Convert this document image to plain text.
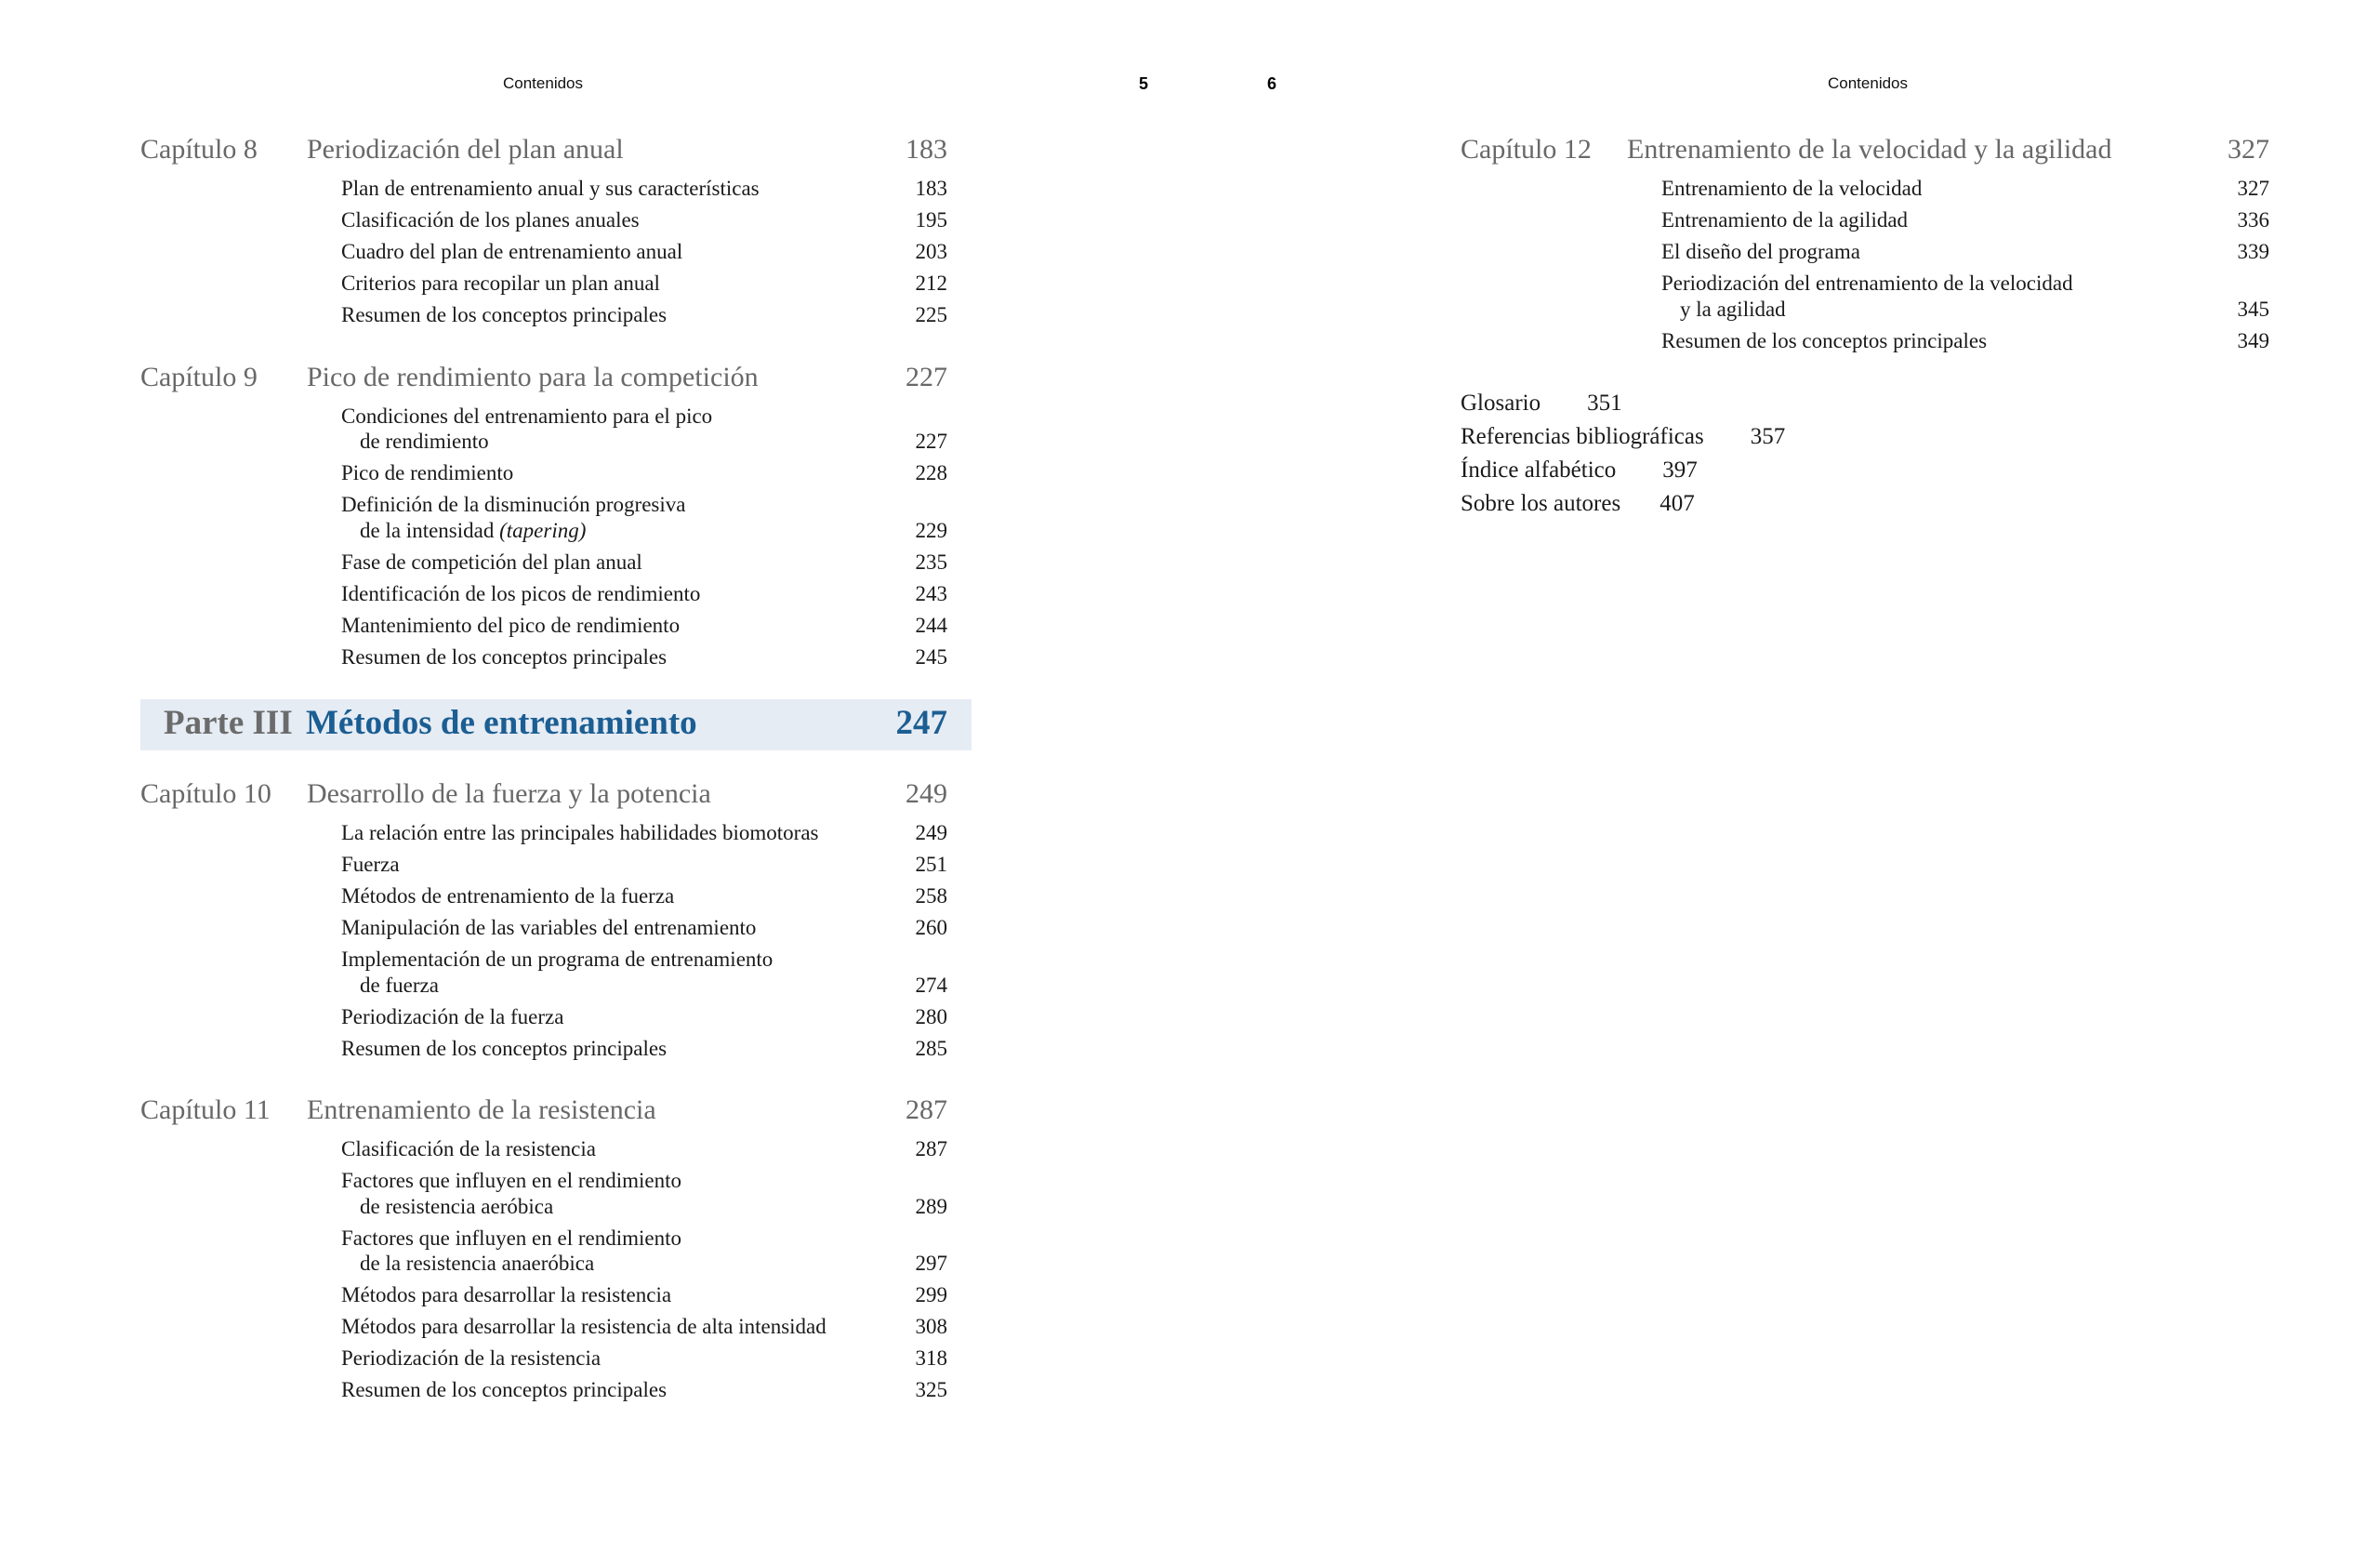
Contenidos	5
Capítulo 8 Periodización del plan anual	183
Plan de entrenamiento anual y sus características	183
Clasificación de los planes anuales	195
Cuadro del plan de entrenamiento anual	203
Criterios para recopilar un plan anual	212
Resumen de los conceptos principales	225
Capítulo 9 Pico de rendimiento para la competición	227
Condiciones del entrenamiento para el pico
de rendimiento	227
Pico de rendimiento	228
Definición de la disminución progresiva
de la intensidad (tapering)	229
Fase de competición del plan anual	235
Identificación de los picos de rendimiento	243
Mantenimiento del pico de rendimiento	244
Resumen de los conceptos principales	245
Parte III Métodos de entrenamiento	247
Capítulo 10 Desarrollo de la fuerza y la potencia	249
La relación entre las principales habilidades biomotoras	249
Fuerza	251
Métodos de entrenamiento de la fuerza	258
Manipulación de las variables del entrenamiento	260
Implementación de un programa de entrenamiento
de fuerza	274
Periodización de la fuerza	280
Resumen de los conceptos principales	285
Capítulo 11 Entrenamiento de la resistencia	287
Clasificación de la resistencia	287
Factores que influyen en el rendimiento
de resistencia aeróbica	289
Factores que influyen en el rendimiento
de la resistencia anaeróbica	297
Métodos para desarrollar la resistencia	299
Métodos para desarrollar la resistencia de alta intensidad	308
Periodización de la resistencia	318
Resumen de los conceptos principales	325
6	Contenidos
Capítulo 12 Entrenamiento de la velocidad y la agilidad	327
Entrenamiento de la velocidad	327
Entrenamiento de la agilidad	336
El diseño del programa	339
Periodización del entrenamiento de la velocidad
y la agilidad	345
Resumen de los conceptos principales	349
Glosario 351
Referencias bibliográficas 357
Índice alfabético 397
Sobre los autores 407
